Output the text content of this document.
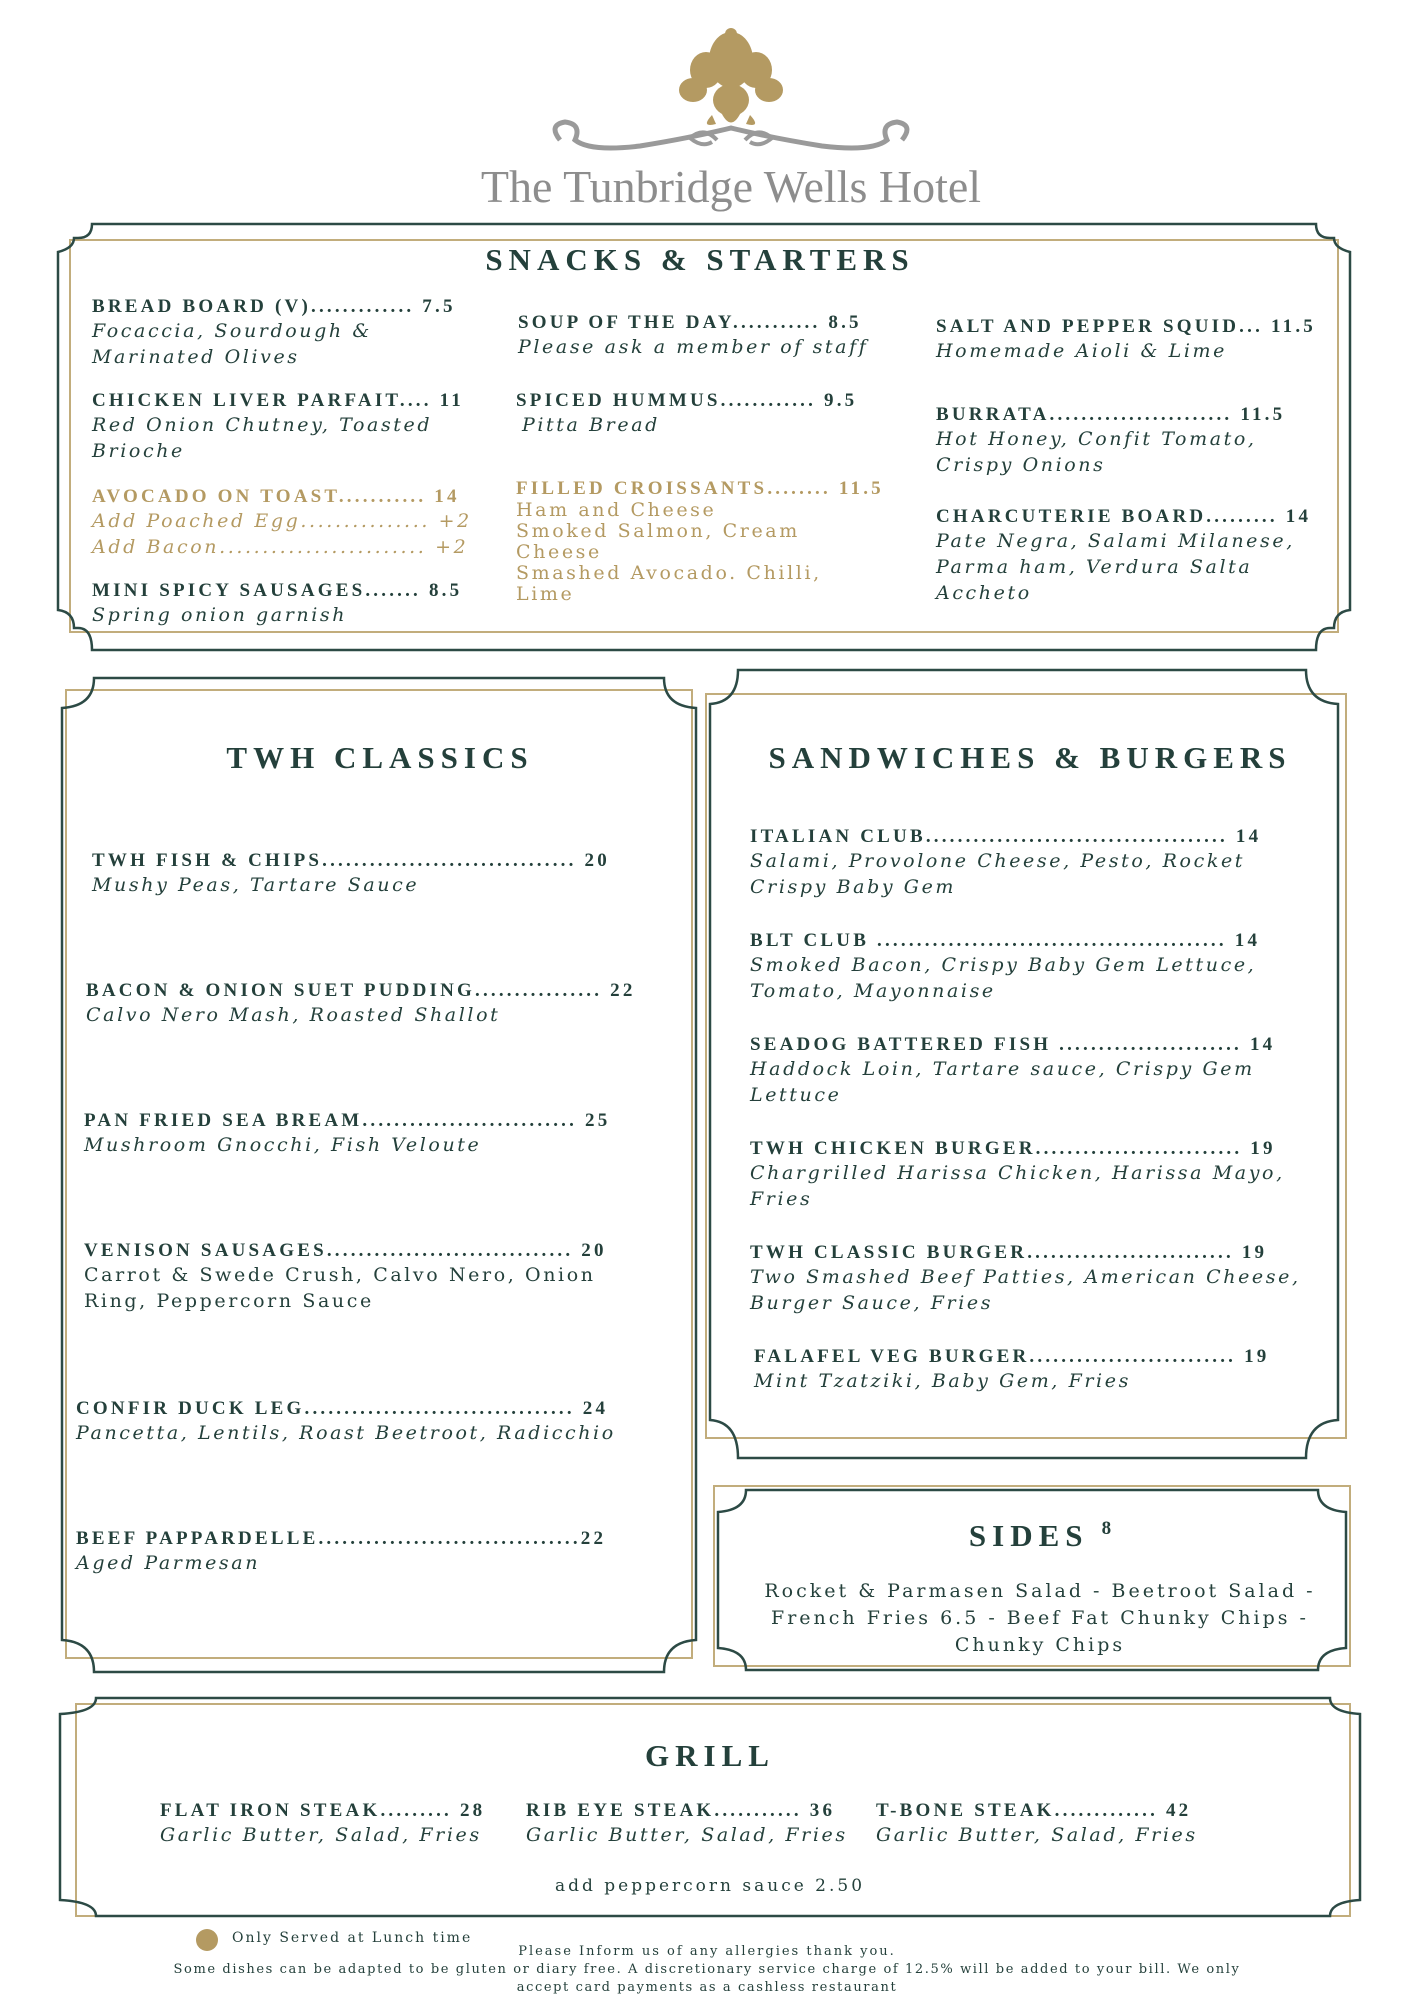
The Tunbridge Wells Hotel
SNACKS & STARTERS
BREAD BOARD (V)............. 7.5
Focaccia, Sourdough & Marinated Olives
CHICKEN LIVER PARFAIT.... 11
Red Onion Chutney, Toasted Brioche
AVOCADO ON TOAST........... 14
Add Poached Egg............... +2
Add Bacon........................ +2
MINI SPICY SAUSAGES....... 8.5
Spring onion garnish
SOUP OF THE DAY........... 8.5
Please ask a member of staff
SPICED HUMMUS............ 9.5
Pitta Bread
FILLED CROISSANTS........ 11.5
Ham and Cheese
Smoked Salmon, Cream
Cheese
Smashed Avocado. Chilli,
Lime
SALT AND PEPPER SQUID... 11.5
Homemade Aioli & Lime
BURRATA....................... 11.5
Hot Honey, Confit Tomato, Crispy Onions
CHARCUTERIE BOARD......... 14
Pate Negra, Salami Milanese, Parma ham, Verdura Salta Accheto
TWH CLASSICS
TWH FISH & CHIPS................................ 20
Mushy Peas, Tartare Sauce
BACON & ONION SUET PUDDING................ 22
Calvo Nero Mash, Roasted Shallot
PAN FRIED SEA BREAM........................... 25
Mushroom Gnocchi, Fish Veloute
VENISON SAUSAGES............................... 20
Carrot & Swede Crush, Calvo Nero, Onion Ring, Peppercorn Sauce
CONFIR DUCK LEG.................................. 24
Pancetta, Lentils, Roast Beetroot, Radicchio
BEEF PAPPARDELLE.................................22
Aged Parmesan
SANDWICHES & BURGERS
ITALIAN CLUB...................................... 14
Salami, Provolone Cheese, Pesto, Rocket Crispy Baby Gem
BLT CLUB ............................................ 14
Smoked Bacon, Crispy Baby Gem Lettuce, Tomato, Mayonnaise
SEADOG BATTERED FISH ....................... 14
Haddock Loin, Tartare sauce, Crispy Gem Lettuce
TWH CHICKEN BURGER.......................... 19
Chargrilled Harissa Chicken, Harissa Mayo, Fries
TWH CLASSIC BURGER.......................... 19
Two Smashed Beef Patties, American Cheese, Burger Sauce, Fries
FALAFEL VEG BURGER.......................... 19
Mint Tzatziki, Baby Gem, Fries
SIDES 8
Rocket & Parmasen Salad - Beetroot Salad -
French Fries 6.5 - Beef Fat Chunky Chips -
Chunky Chips
GRILL
FLAT IRON STEAK......... 28
Garlic Butter, Salad, Fries
RIB EYE STEAK........... 36
Garlic Butter, Salad, Fries
T-BONE STEAK............. 42
Garlic Butter, Salad, Fries
add peppercorn sauce 2.50
Only Served at Lunch time
Please Inform us of any allergies thank you.
Some dishes can be adapted to be gluten or diary free. A discretionary service charge of 12.5% will be added to your bill. We only
accept card payments as a cashless restaurant
